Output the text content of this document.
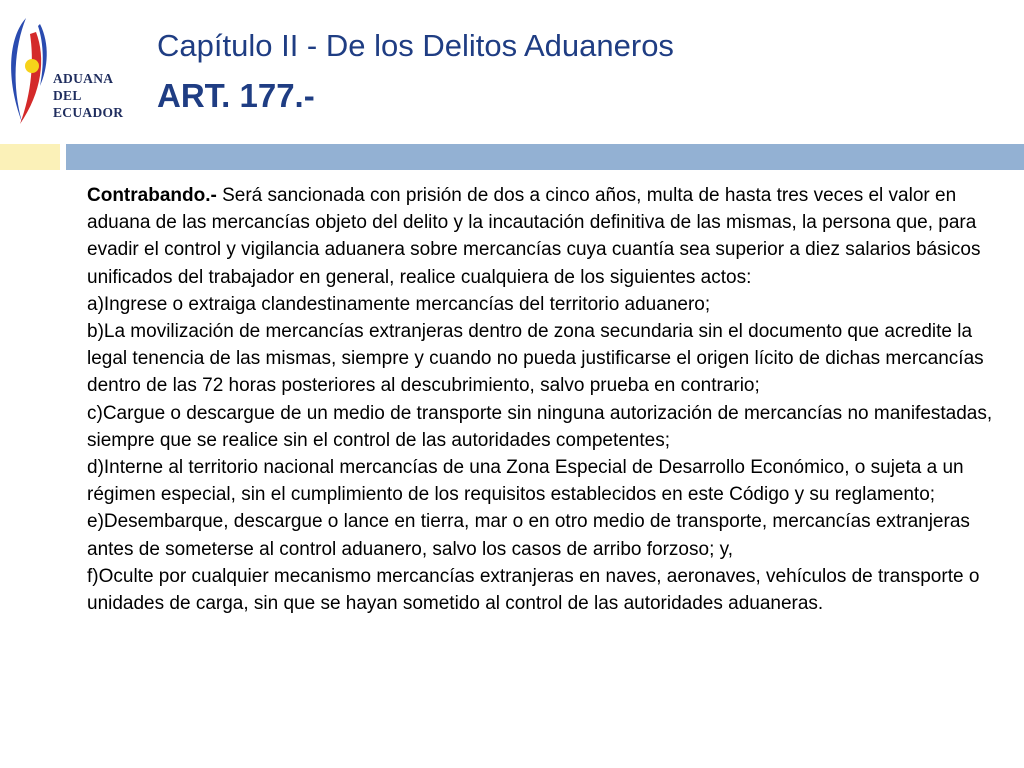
ADUANA
DEL
ECUADOR
Capítulo II - De los Delitos Aduaneros
ART. 177.-

Contrabando.- Será sancionada con prisión de dos a cinco años, multa de hasta tres veces el valor en aduana de las mercancías objeto del delito y la incautación definitiva de las mismas, la persona que, para evadir el control y vigilancia aduanera sobre mercancías cuya cuantía sea superior a diez salarios básicos unificados del trabajador en general, realice cualquiera de los siguientes actos:

a)Ingrese o extraiga clandestinamente mercancías del territorio aduanero;

b)La movilización de mercancías extranjeras dentro de zona secundaria sin el documento que acredite la legal tenencia de las mismas, siempre y cuando no pueda justificarse el origen lícito de dichas mercancías dentro de las 72 horas posteriores al descubrimiento, salvo prueba en contrario;

c)Cargue o descargue de un medio de transporte sin ninguna autorización de mercancías no manifestadas, siempre que se realice sin el control de las autoridades competentes;

d)Interne al territorio nacional mercancías de una Zona Especial de Desarrollo Económico, o sujeta a un régimen especial, sin el cumplimiento de los requisitos establecidos en este Código y su reglamento;

e)Desembarque, descargue o lance en tierra, mar o en otro medio de transporte, mercancías extranjeras antes de someterse al control aduanero, salvo los casos de arribo forzoso; y,

f)Oculte por cualquier mecanismo mercancías extranjeras en naves, aeronaves, vehículos de transporte o unidades de carga, sin que se hayan sometido al control de las autoridades aduaneras.
